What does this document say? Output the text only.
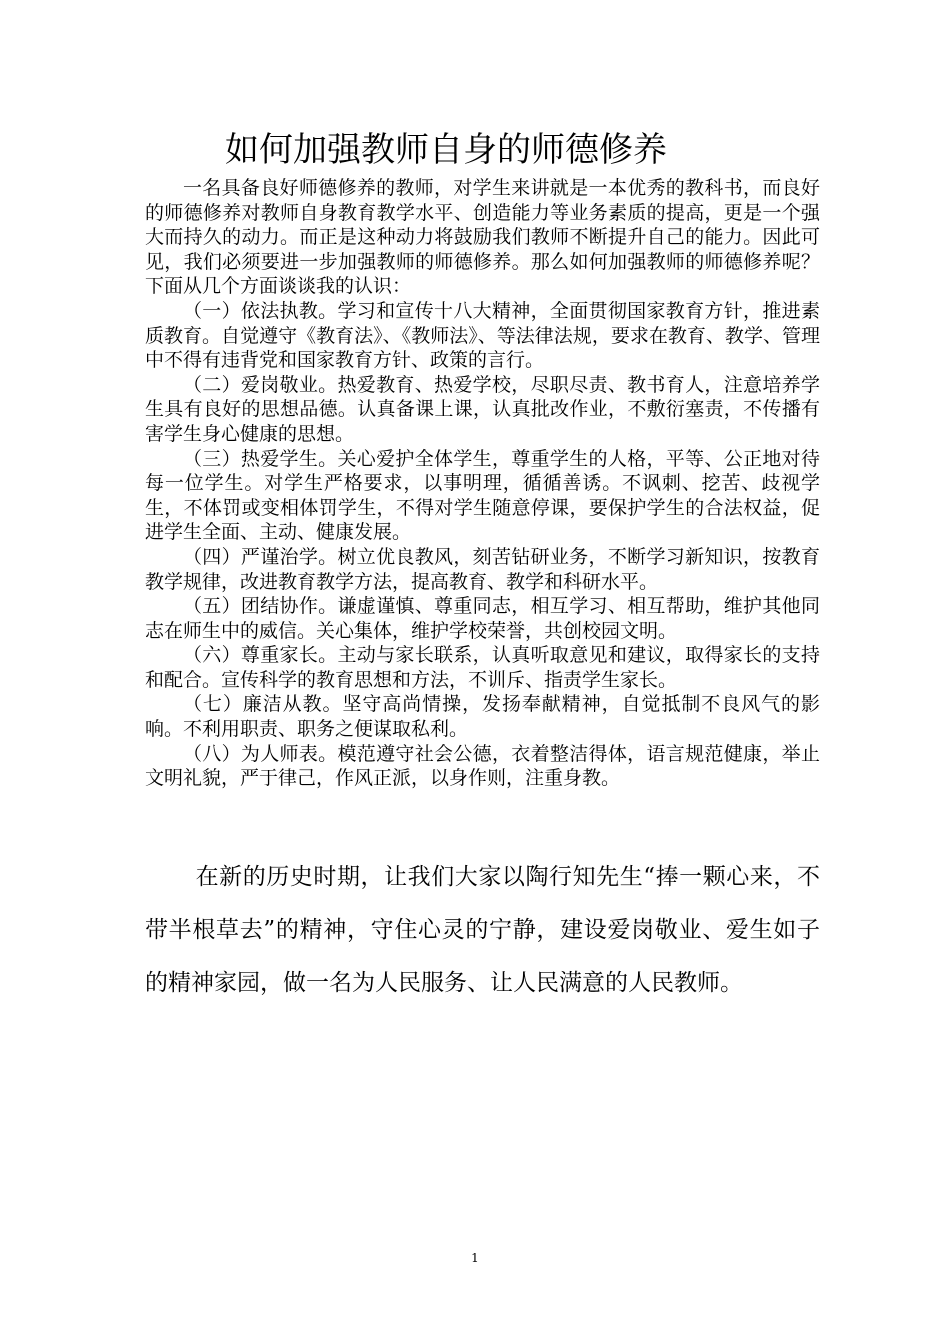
如何加强教师自身的师德修养

一名具备良好师德修养的教师，对学生来讲就是一本优秀的教科书，而良好的师德修养对教师自身教育教学水平、创造能力等业务素质的提高，更是一个强大而持久的动力。而正是这种动力将鼓励我们教师不断提升自己的能力。因此可见，我们必须要进一步加强教师的师德修养。那么如何加强教师的师德修养呢？下面从几个方面谈谈我的认识：

（一）依法执教。学习和宣传十八大精神，全面贯彻国家教育方针，推进素质教育。自觉遵守《教育法》、《教师法》、等法律法规，要求在教育、教学、管理中不得有违背党和国家教育方针、政策的言行。

（二）爱岗敬业。热爱教育、热爱学校，尽职尽责、教书育人，注意培养学生具有良好的思想品德。认真备课上课，认真批改作业，不敷衍塞责，不传播有害学生身心健康的思想。

（三）热爱学生。关心爱护全体学生，尊重学生的人格，平等、公正地对待每一位学生。对学生严格要求，以事明理，循循善诱。不讽刺、挖苦、歧视学生，不体罚或变相体罚学生，不得对学生随意停课，要保护学生的合法权益，促进学生全面、主动、健康发展。

（四）严谨治学。树立优良教风，刻苦钻研业务，不断学习新知识，按教育教学规律，改进教育教学方法，提高教育、教学和科研水平。

（五）团结协作。谦虚谨慎、尊重同志，相互学习、相互帮助，维护其他同志在师生中的威信。关心集体，维护学校荣誉，共创校园文明。

（六）尊重家长。主动与家长联系，认真听取意见和建议，取得家长的支持和配合。宣传科学的教育思想和方法，不训斥、指责学生家长。

（七）廉洁从教。坚守高尚情操，发扬奉献精神，自觉抵制不良风气的影响。不利用职责、职务之便谋取私利。

（八）为人师表。模范遵守社会公德，衣着整洁得体，语言规范健康，举止文明礼貌，严于律己，作风正派，以身作则，注重身教。

在新的历史时期，让我们大家以陶行知先生“捧一颗心来，不带半根草去”的精神，守住心灵的宁静，建设爱岗敬业、爱生如子的精神家园，做一名为人民服务、让人民满意的人民教师。

1
